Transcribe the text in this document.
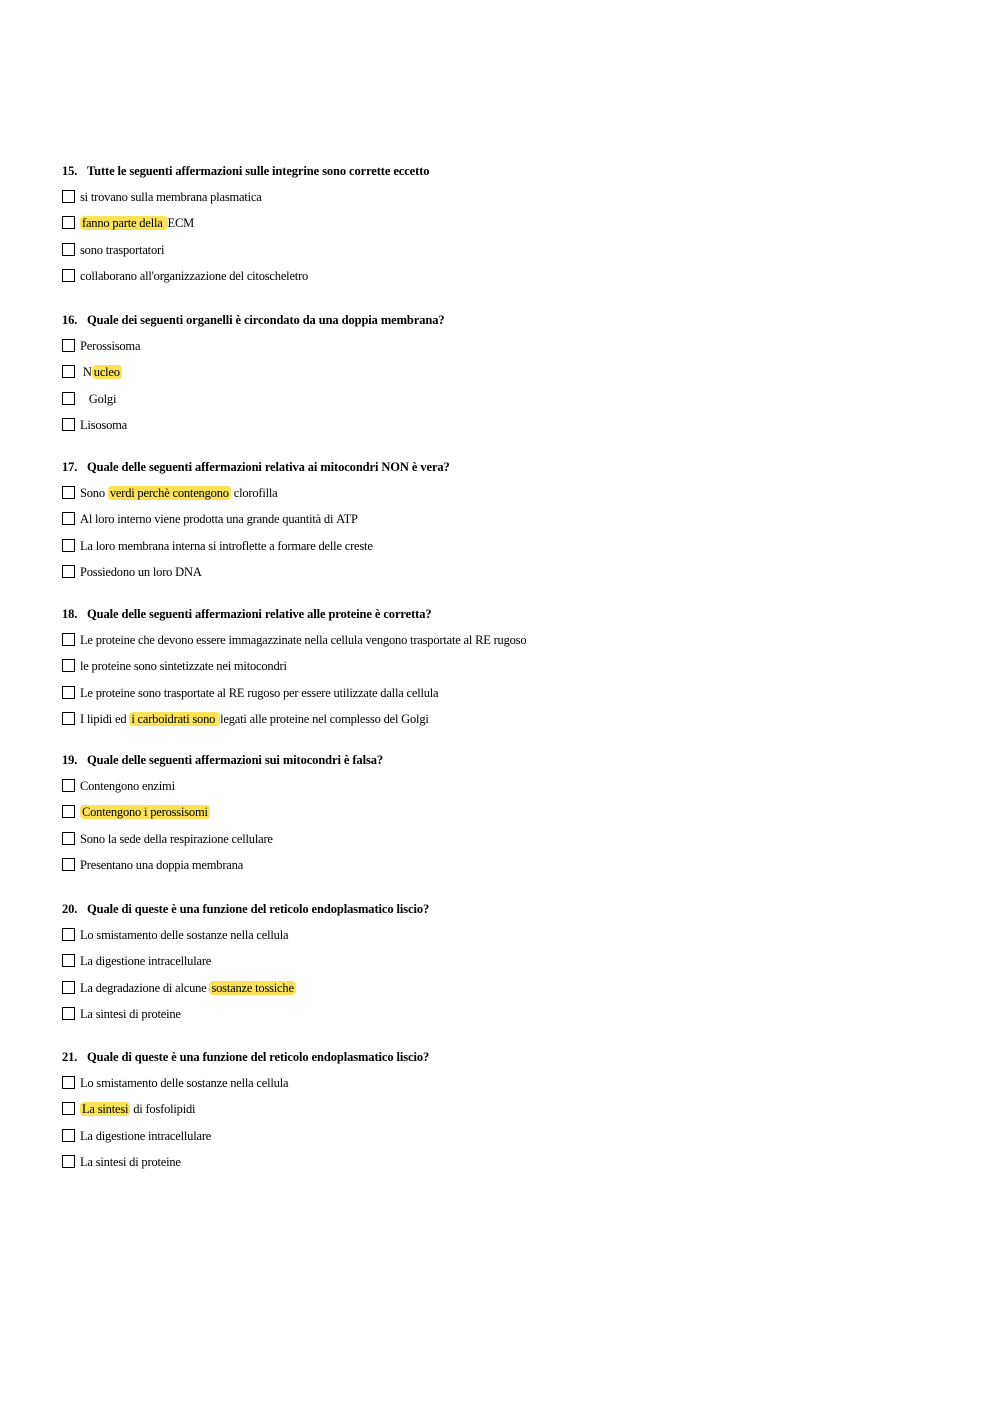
15. Tutte le seguenti affermazioni sulle integrine sono corrette eccetto
si trovano sulla membrana plasmatica
fanno parte della ECM
sono trasportatori
collaborano all'organizzazione del citoscheletro
16. Quale dei seguenti organelli è circondato da una doppia membrana?
Perossisoma
N ucleo
Golgi
Lisosoma
17. Quale delle seguenti affermazioni relativa ai mitocondri NON è vera?
Sono verdi perchè contengono clorofilla
Al loro interno viene prodotta una grande quantità di ATP
La loro membrana interna si introflette a formare delle creste
Possiedono un loro DNA
18. Quale delle seguenti affermazioni relative alle proteine è corretta?
Le proteine che devono essere immagazzinate nella cellula vengono trasportate al RE rugoso
le proteine sono sintetizzate nei mitocondri
Le proteine sono trasportate al RE rugoso per essere utilizzate dalla cellula
I lipidi ed i carboidrati sono legati alle proteine nel complesso del Golgi
19. Quale delle seguenti affermazioni sui mitocondri è falsa?
Contengono enzimi
Contengono i perossisomi
Sono la sede della respirazione cellulare
Presentano una doppia membrana
20. Quale di queste è una funzione del reticolo endoplasmatico liscio?
Lo smistamento delle sostanze nella cellula
La digestione intracellulare
La degradazione di alcune sostanze tossiche
La sintesi di proteine
21. Quale di queste è una funzione del reticolo endoplasmatico liscio?
Lo smistamento delle sostanze nella cellula
La sintesi di fosfolipidi
La digestione intracellulare
La sintesi di proteine
